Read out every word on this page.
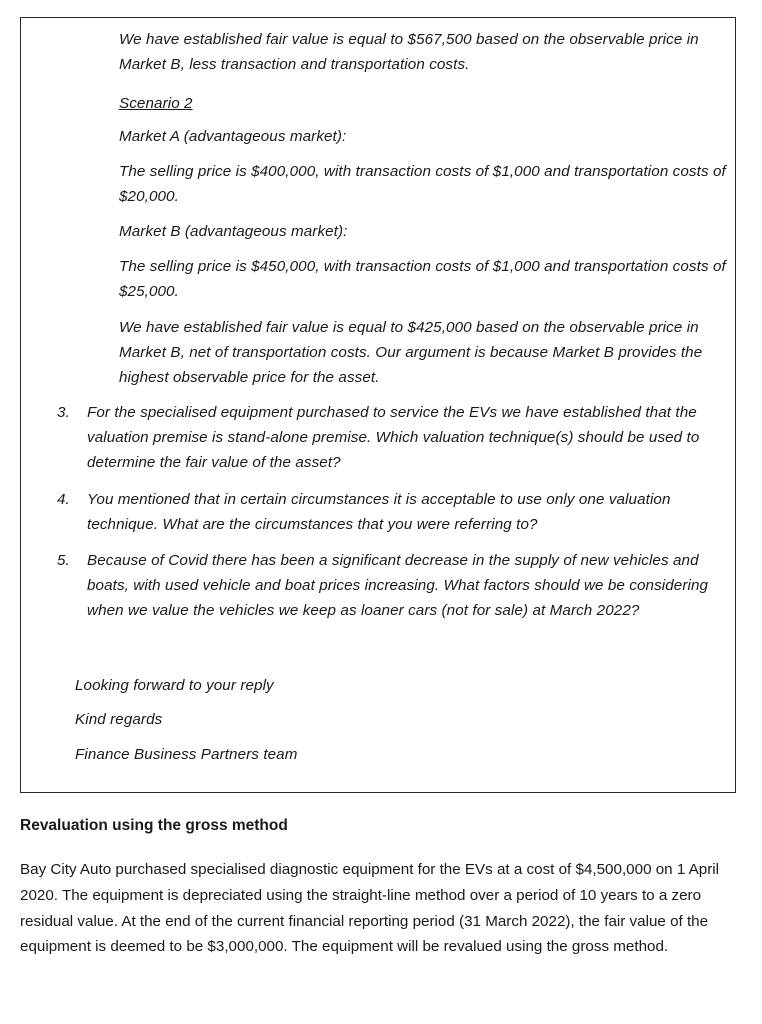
We have established fair value is equal to $567,500 based on the observable price in Market B, less transaction and transportation costs.

Scenario 2

Market A (advantageous market):

The selling price is $400,000, with transaction costs of $1,000 and transportation costs of $20,000.

Market B (advantageous market):

The selling price is $450,000, with transaction costs of $1,000 and transportation costs of $25,000.

We have established fair value is equal to $425,000 based on the observable price in Market B, net of transportation costs. Our argument is because Market B provides the highest observable price for the asset.

3.	For the specialised equipment purchased to service the EVs we have established that the valuation premise is stand-alone premise. Which valuation technique(s) should be used to determine the fair value of the asset?
4.	You mentioned that in certain circumstances it is acceptable to use only one valuation technique. What are the circumstances that you were referring to?
5.	Because of Covid there has been a significant decrease in the supply of new vehicles and boats, with used vehicle and boat prices increasing. What factors should we be considering when we value the vehicles we keep as loaner cars (not for sale) at March 2022?

Looking forward to your reply

Kind regards

Finance Business Partners team

Revaluation using the gross method

Bay City Auto purchased specialised diagnostic equipment for the EVs at a cost of $4,500,000 on 1 April 2020. The equipment is depreciated using the straight-line method over a period of 10 years to a zero residual value. At the end of the current financial reporting period (31 March 2022), the fair value of the equipment is deemed to be $3,000,000. The equipment will be revalued using the gross method.
